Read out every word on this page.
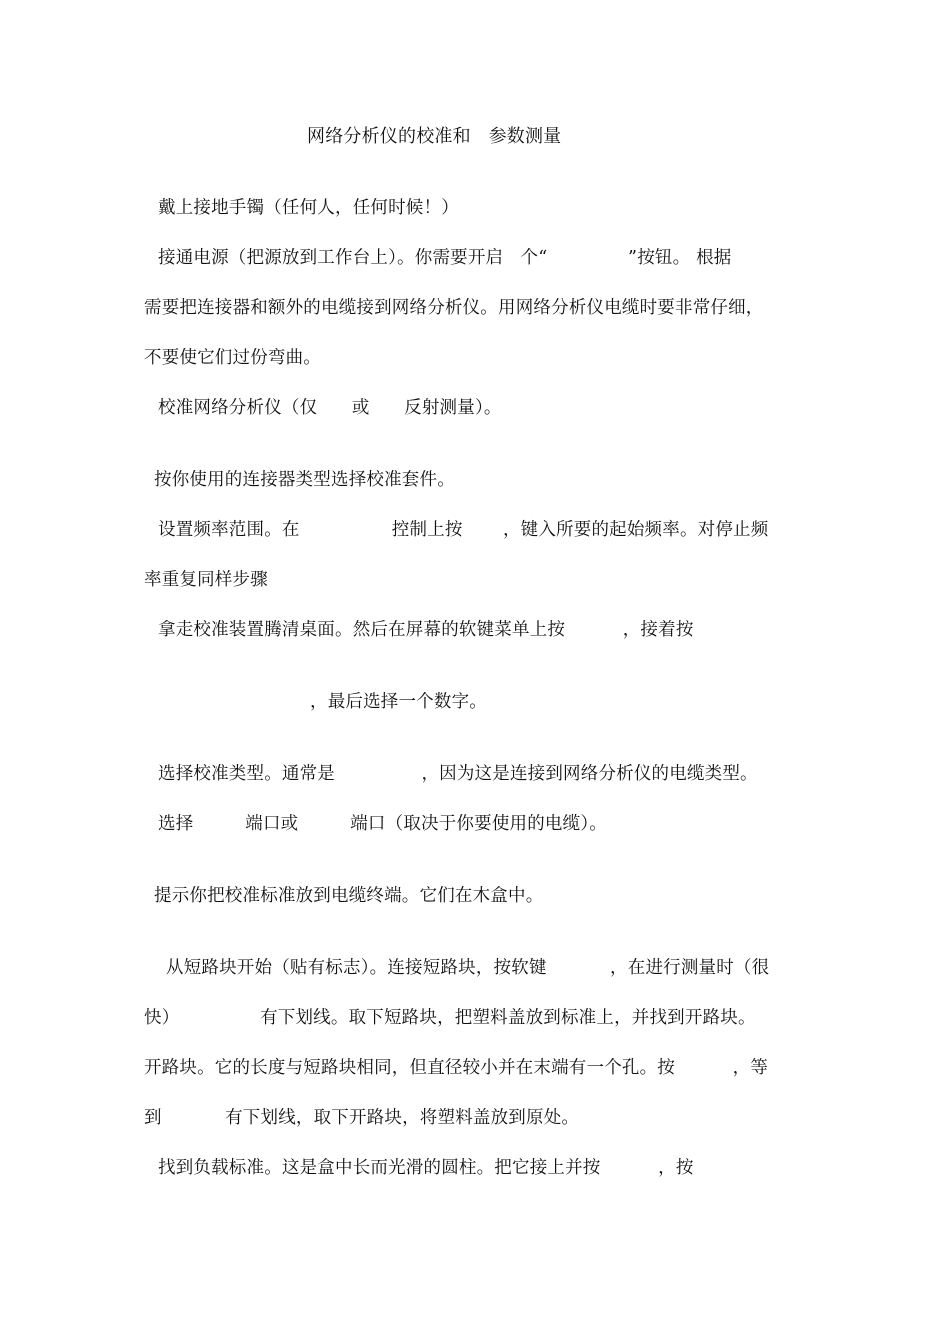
网络分析仪的校准和   参数测量
戴上接地手镯（任何人，任何时候！）
接通电源（把源放到工作台上）。你需要开启   个“              ”按钮。 根据
需要把连接器和额外的电缆接到网络分析仪。用网络分析仪电缆时要非常仔细，
不要使它们过份弯曲。
校准网络分析仪（仅      或      反射测量）。
按你使用的连接器类型选择校准套件。
设置频率范围。在                控制上按       ，键入所要的起始频率。对停止频
率重复同样步骤
拿走校准装置腾清桌面。然后在屏幕的软键菜单上按          ，接着按
，最后选择一个数字。
选择校准类型。通常是               ，因为这是连接到网络分析仪的电缆类型。
选择         端口或         端口（取决于你要使用的电缆）。
提示你把校准标准放到电缆终端。它们在木盒中。
从短路块开始（贴有标志）。连接短路块，按软键           ，在进行测量时（很
快）              有下划线。取下短路块，把塑料盖放到标准上，并找到开路块。
开路块。它的长度与短路块相同，但直径较小并在末端有一个孔。按          ，等
到           有下划线，取下开路块，将塑料盖放到原处。
找到负载标准。这是盒中长而光滑的圆柱。把它接上并按          ，按
